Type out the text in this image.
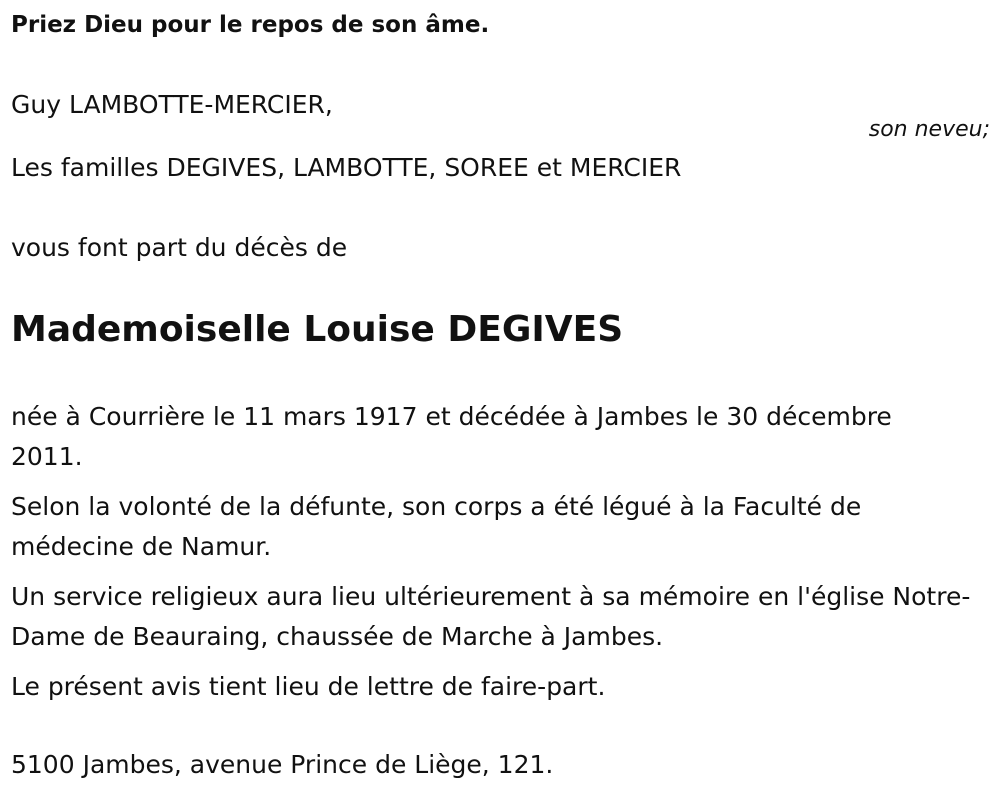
Priez Dieu pour le repos de son âme.

Guy LAMBOTTE-MERCIER,

son neveu;

Les familles DEGIVES, LAMBOTTE, SOREE et MERCIER

vous font part du décès de

Mademoiselle Louise DEGIVES

née à Courrière le 11 mars 1917 et décédée à Jambes le 30 décembre 2011.

Selon la volonté de la défunte, son corps a été légué à la Faculté de médecine de Namur.

Un service religieux aura lieu ultérieurement à sa mémoire en l'église Notre-Dame de Beauraing, chaussée de Marche à Jambes.

Le présent avis tient lieu de lettre de faire-part.

5100 Jambes, avenue Prince de Liège, 121.
